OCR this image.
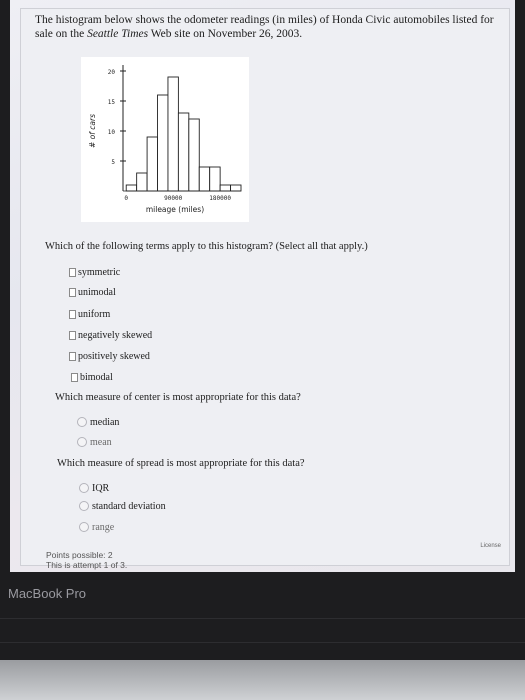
The histogram below shows the odometer readings (in miles) of Honda Civic automobiles listed for sale on the Seattle Times Web site on November 26, 2003.
5
10
15
20
0	90000	180000
mileage (miles)
# of cars
Which of the following terms apply to this histogram? (Select all that apply.)
symmetric
unimodal
uniform
negatively skewed
positively skewed
bimodal
Which measure of center is most appropriate for this data?
median
mean
Which measure of spread is most appropriate for this data?
IQR
standard deviation
range
License
Points possible: 2
This is attempt 1 of 3.
MacBook Pro
